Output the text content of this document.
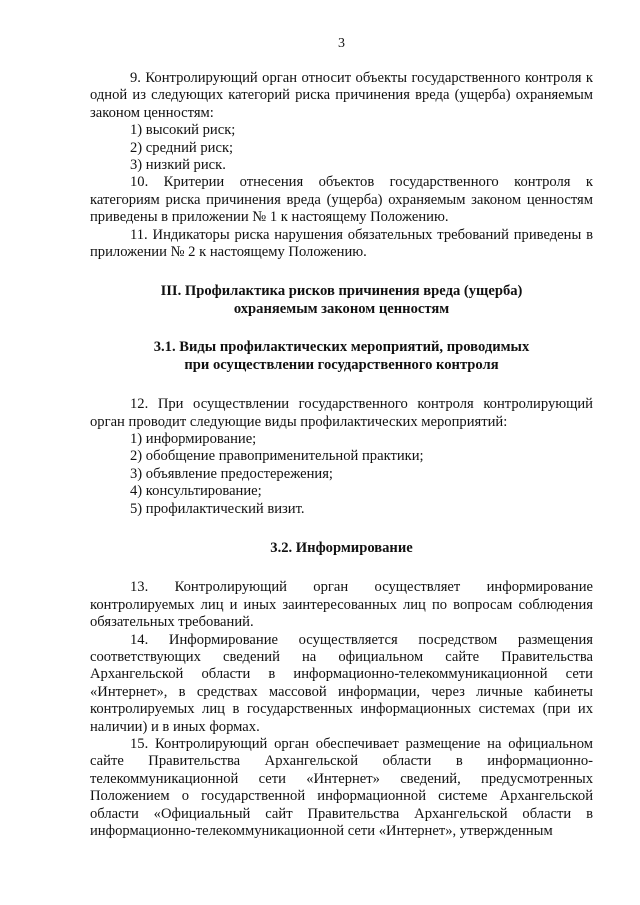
3

9. Контролирующий орган относит объекты государственного контроля к одной из следующих категорий риска причинения вреда (ущерба) охраняемым законом ценностям:

1) высокий риск;
2) средний риск;
3) низкий риск.

10. Критерии отнесения объектов государственного контроля к категориям риска причинения вреда (ущерба) охраняемым законом ценностям приведены в приложении № 1 к настоящему Положению.

11. Индикаторы риска нарушения обязательных требований приведены в приложении № 2 к настоящему Положению.

III. Профилактика рисков причинения вреда (ущерба)
охраняемым законом ценностям
3.1. Виды профилактических мероприятий, проводимых
при осуществлении государственного контроля

12. При осуществлении государственного контроля контролирующий орган проводит следующие виды профилактических мероприятий:

1) информирование;
2) обобщение правоприменительной практики;
3) объявление предостережения;
4) консультирование;
5) профилактический визит.
3.2. Информирование

13. Контролирующий орган осуществляет информирование контролируемых лиц и иных заинтересованных лиц по вопросам соблюдения обязательных требований.

14. Информирование осуществляется посредством размещения соответствующих сведений на официальном сайте Правительства Архангельской области в информационно-телекоммуникационной сети «Интернет», в средствах массовой информации, через личные кабинеты контролируемых лиц в государственных информационных системах (при их наличии) и в иных формах.

15. Контролирующий орган обеспечивает размещение на официальном сайте Правительства Архангельской области в информационно-телекоммуникационной сети «Интернет» сведений, предусмотренных Положением о государственной информационной системе Архангельской области «Официальный сайт Правительства Архангельской области в информационно-телекоммуникационной сети «Интернет», утвержденным
